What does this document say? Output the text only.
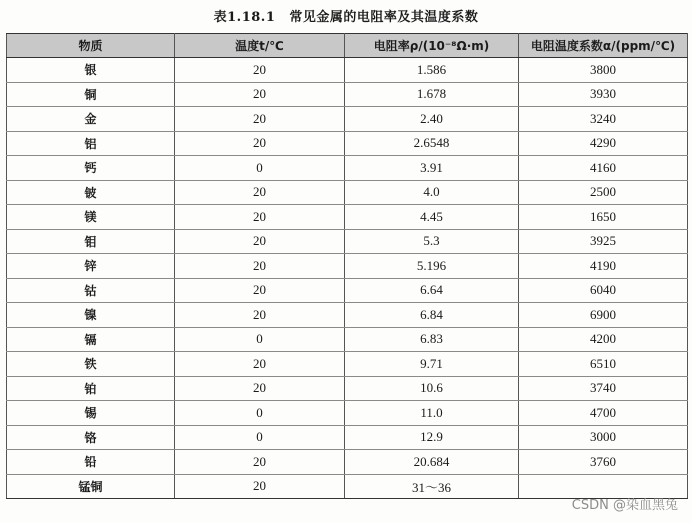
表1.18.1 常见金属的电阻率及其温度系数
物质	温度t/℃	电阻率ρ/(10⁻⁸Ω·m)	电阻温度系数α/(ppm/℃)
银	20	1.586	3800
铜	20	1.678	3930
金	20	2.40	3240
铝	20	2.6548	4290
钙	0	3.91	4160
铍	20	4.0	2500
镁	20	4.45	1650
钼	20	5.3	3925
锌	20	5.196	4190
钴	20	6.64	6040
镍	20	6.84	6900
镉	0	6.83	4200
铁	20	9.71	6510
铂	20	10.6	3740
锡	0	11.0	4700
铬	0	12.9	3000
铅	20	20.684	3760
锰铜	20	31～36	
CSDN @染血黑兔
